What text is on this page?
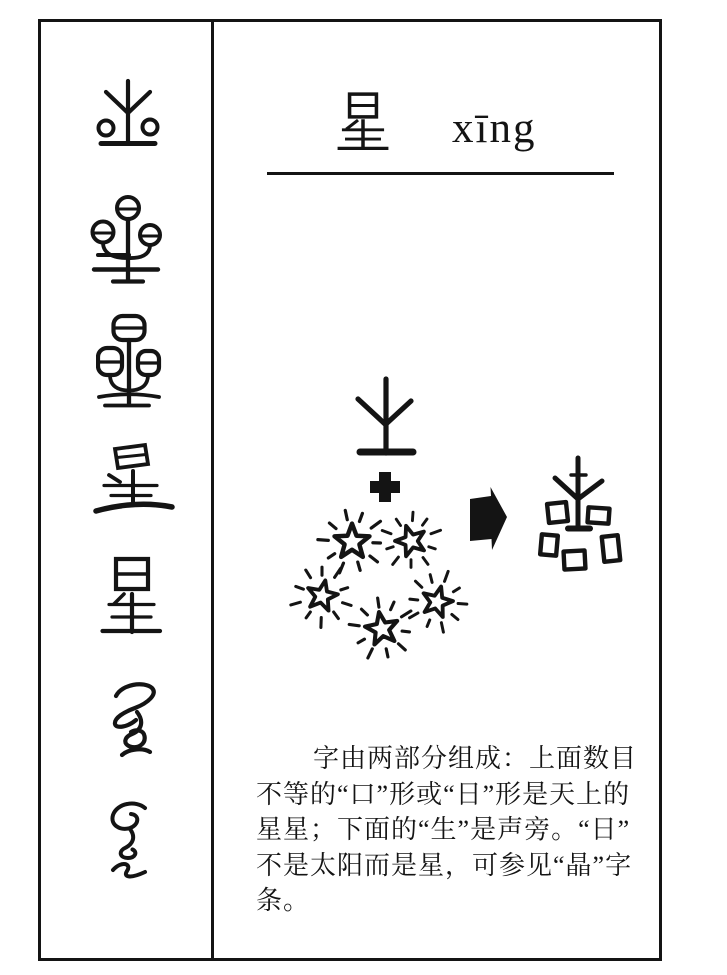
xīng
字由两部分组成：上面数目
不等的“口”形或“日”形是天上的
星星；下面的“生”是声旁。“日”
不是太阳而是星，可参见“晶”字
条。
